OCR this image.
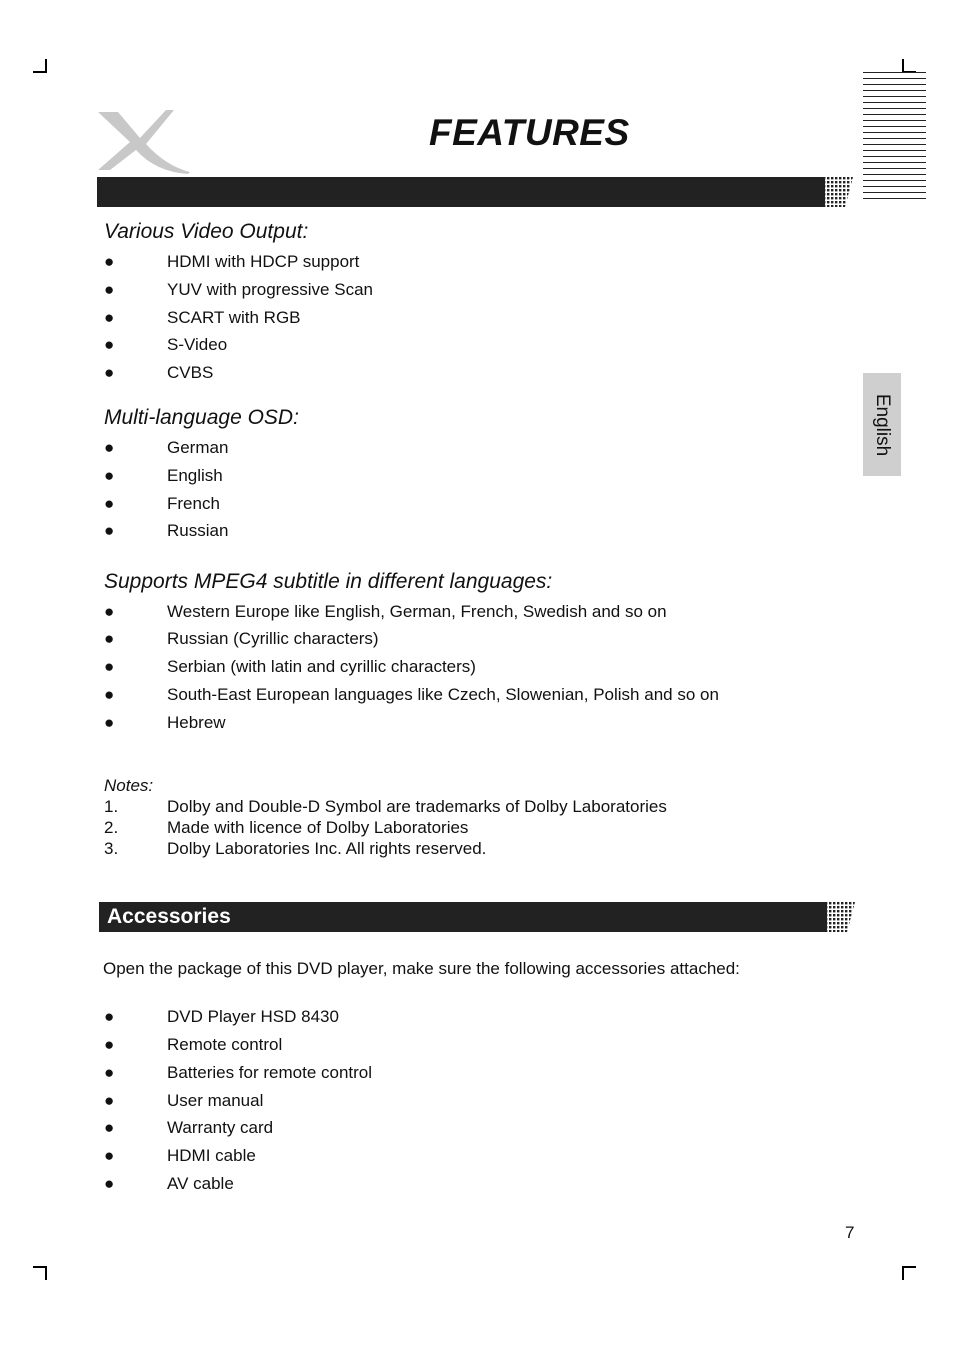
FEATURES
English
Various Video Output:
●	HDMI with HDCP support
●	YUV with progressive Scan
●	SCART with RGB
●	S-Video
●	CVBS
Multi-language OSD:
●	German
●	English
●	French
●	Russian
Supports MPEG4 subtitle in different languages:
●	Western Europe like English, German, French, Swedish and so on
●	Russian (Cyrillic characters)
●	Serbian (with latin and cyrillic characters)
●	South-East European languages like Czech, Slowenian, Polish and so on
●	Hebrew
Notes:
1.	Dolby and Double-D Symbol are trademarks of Dolby Laboratories
2.	Made with licence of Dolby Laboratories
3.	Dolby Laboratories Inc. All rights reserved.
Accessories
Open the package of this DVD player, make sure the following accessories attached:
●	DVD Player HSD 8430
●	Remote control
●	Batteries for remote control
●	User manual
●	Warranty card
●	HDMI cable
●	AV cable
7
